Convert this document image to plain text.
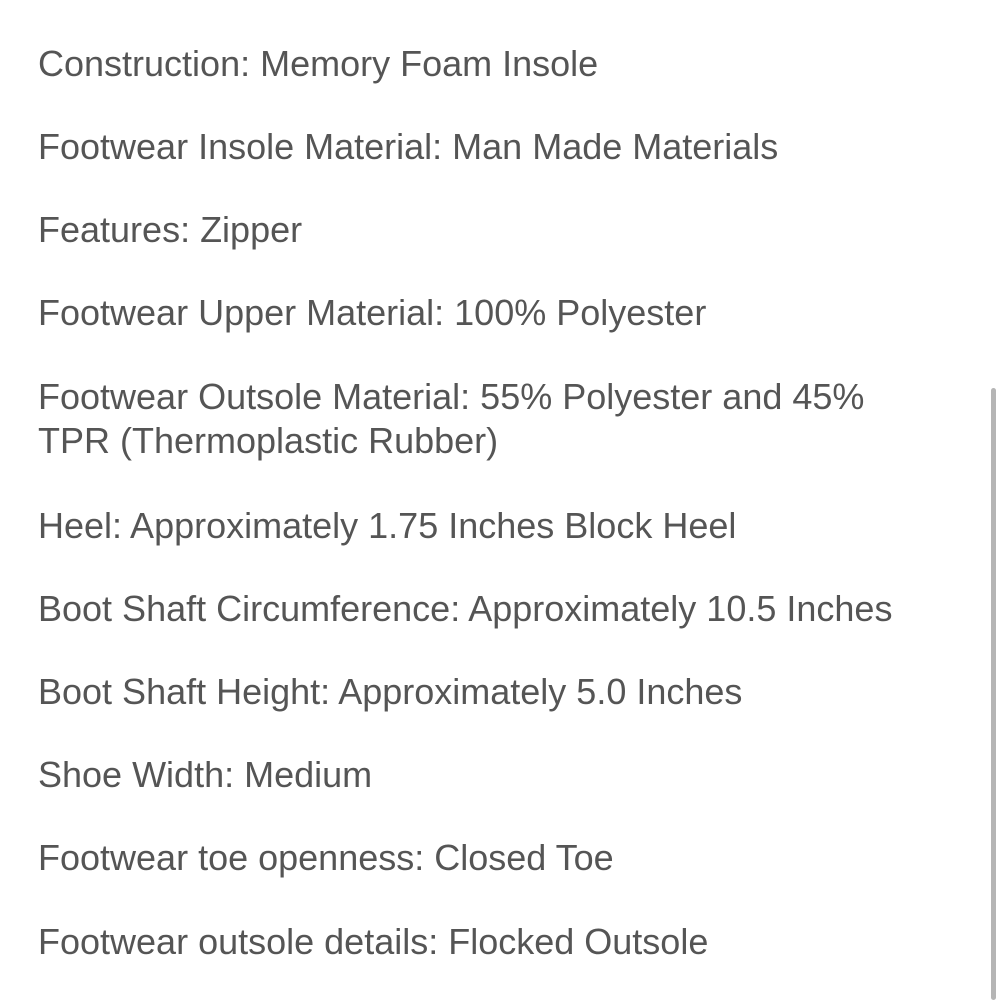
Construction: Memory Foam Insole
Footwear Insole Material: Man Made Materials
Features: Zipper
Footwear Upper Material: 100% Polyester
Footwear Outsole Material: 55% Polyester and 45% TPR (Thermoplastic Rubber)
Heel: Approximately 1.75 Inches Block Heel
Boot Shaft Circumference: Approximately 10.5 Inches
Boot Shaft Height: Approximately 5.0 Inches
Shoe Width: Medium
Footwear toe openness: Closed Toe
Footwear outsole details: Flocked Outsole
